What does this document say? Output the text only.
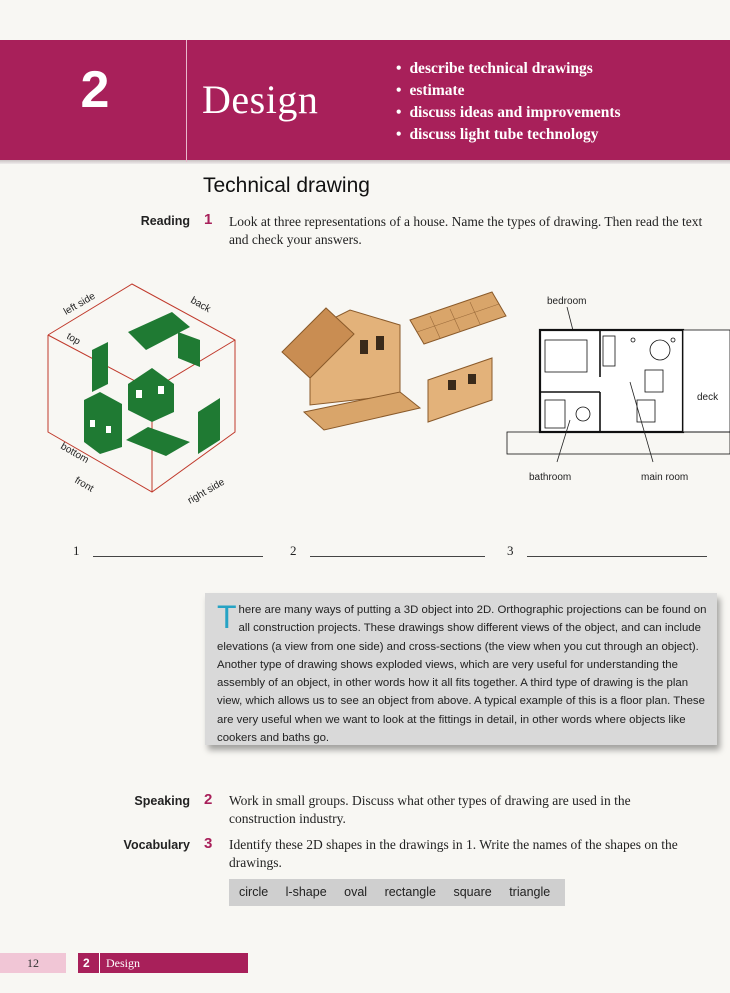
2	Design
• describe technical drawings
• estimate
• discuss ideas and improvements
• discuss light tube technology
Technical drawing
Reading 1 Look at three representations of a house. Name the types of drawing. Then read the text and check your answers.
left side	back
top
bottom
front	right side
bedroom
deck
bathroom	main room
1	2	3

There are many ways of putting a 3D object into 2D. Orthographic projections can be found on all construction projects. These drawings show different views of the object, and can include elevations (a view from one side) and cross-sections (the view when you cut through an object). Another type of drawing shows exploded views, which are very useful for understanding the assembly of an object, in other words how it all fits together. A third type of drawing is the plan view, which allows us to see an object from above. A typical example of this is a floor plan. These are very useful when we want to look at the fittings in detail, in other words where objects like cookers and baths go.

Speaking 2 Work in small groups. Discuss what other types of drawing are used in the construction industry.
Vocabulary 3 Identify these 2D shapes in the drawings in 1. Write the names of the shapes on the drawings.
circle l-shape oval rectangle square triangle
12	2 Design
